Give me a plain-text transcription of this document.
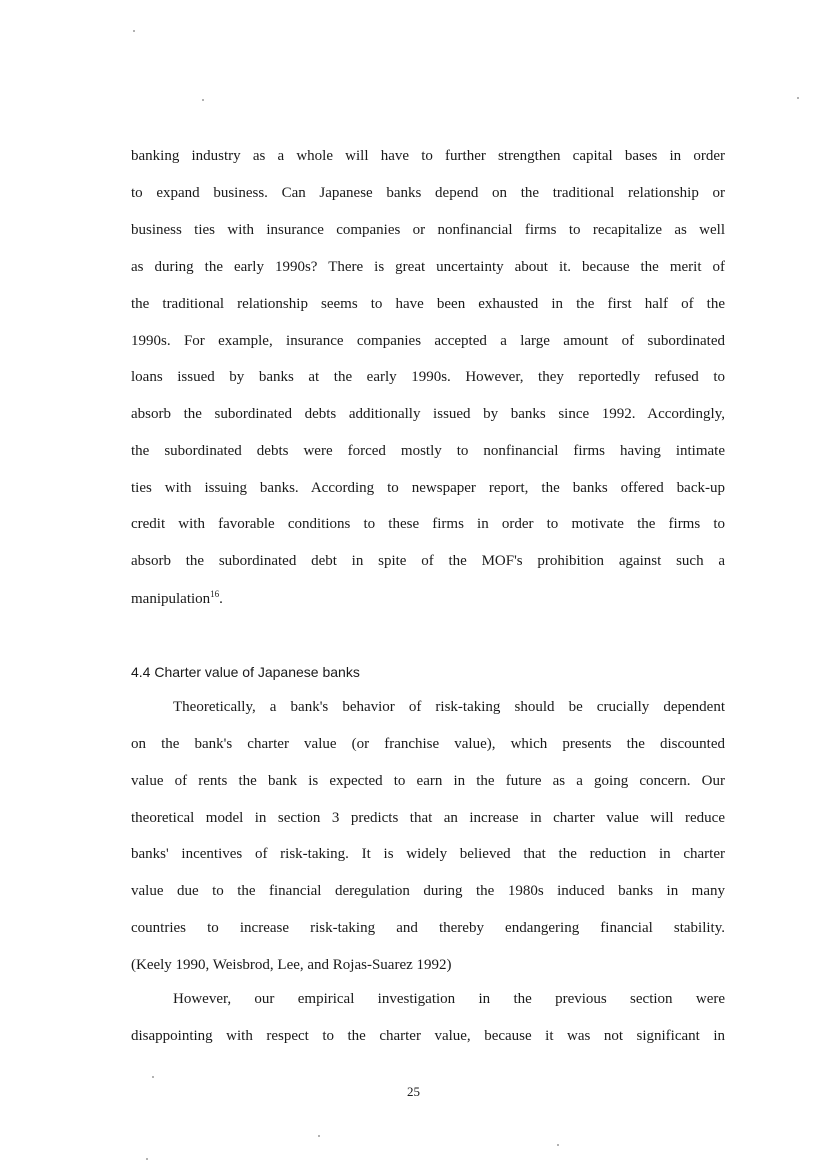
banking industry as a whole will have to further strengthen capital bases in order
to expand business. Can Japanese banks depend on the traditional relationship or
business ties with insurance companies or nonfinancial firms to recapitalize as well
as during the early 1990s? There is great uncertainty about it. because the merit of
the traditional relationship seems to have been exhausted in the first half of the
1990s. For example, insurance companies accepted a large amount of subordinated
loans issued by banks at the early 1990s. However, they reportedly refused to
absorb the subordinated debts additionally issued by banks since 1992. Accordingly,
the subordinated debts were forced mostly to nonfinancial firms having intimate
ties with issuing banks. According to newspaper report, the banks offered back-up
credit with favorable conditions to these firms in order to motivate the firms to
absorb the subordinated debt in spite of the MOF's prohibition against such a
manipulation$^{16}$.
4.4 Charter value of Japanese banks
Theoretically, a bank's behavior of risk-taking should be crucially dependent
on the bank's charter value (or franchise value), which presents the discounted
value of rents the bank is expected to earn in the future as a going concern. Our
theoretical model in section 3 predicts that an increase in charter value will reduce
banks' incentives of risk-taking. It is widely believed that the reduction in charter
value due to the financial deregulation during the 1980s induced banks in many
countries to increase risk-taking and thereby endangering financial stability.
(Keely 1990, Weisbrod, Lee, and Rojas-Suarez 1992)
However, our empirical investigation in the previous section were
disappointing with respect to the charter value, because it was not significant in
25
